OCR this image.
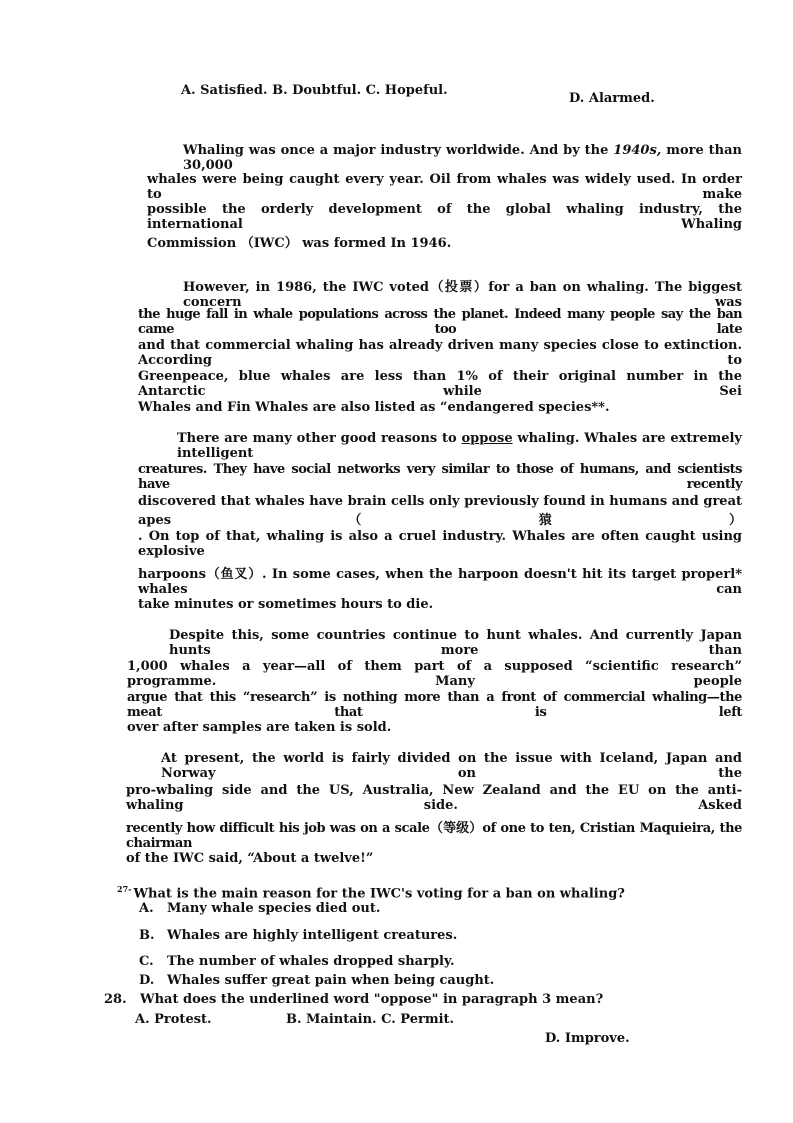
A. Satisfied. B. Doubtful. C. Hopeful.
D. Alarmed.
Whaling was once a major industry worldwide. And by the 1940s, more than 30,000
whales were being caught every year. Oil from whales was widely used. In order to make
possible the orderly development of the global whaling industry, the international Whaling
Commission （IWC） was formed In 1946.
However, in 1986, the IWC voted（投票）for a ban on whaling. The biggest concern was
the huge fall in whale populations across the planet. Indeed many people say the ban came too late
and that commercial whaling has already driven many species close to extinction. According to
Greenpeace, blue whales are less than 1% of their original number in the Antarctic while Sei
Whales and Fin Whales are also listed as “endangered species**.
There are many other good reasons to oppose whaling. Whales are extremely intelligent
creatures. They have social networks very similar to those of humans, and scientists have recently
discovered that whales have brain cells only previously found in humans and great apes（猿）
. On top of that, whaling is also a cruel industry. Whales are often caught using explosive
harpoons（鱼叉）. In some cases, when the harpoon doesn't hit its target properl* whales can
take minutes or sometimes hours to die.
Despite this, some countries continue to hunt whales. And currently Japan hunts more than
1,000 whales a year—all of them part of a supposed “scientific research” programme. Many people
argue that this “research” is nothing more than a front of commercial whaling—the meat that is left
over after samples are taken is sold.
At present, the world is fairly divided on the issue with Iceland, Japan and Norway on the
pro-wbaling side and the US, Australia, New Zealand and the EU on the anti-whaling side. Asked
recently how difficult his job was on a scale（等级）of one to ten, Cristian Maquieira, the chairman
of the IWC said, “About a twelve!”
$^{27-}$ What is the main reason for the IWC's voting for a ban on whaling?
A. Many whale species died out.
B. Whales are highly intelligent creatures.
C. The number of whales dropped sharply.
D. Whales suffer great pain when being caught.
28. What does the underlined word "oppose" in paragraph 3 mean?
A. Protest.	B. Maintain. C. Permit.
D. Improve.
